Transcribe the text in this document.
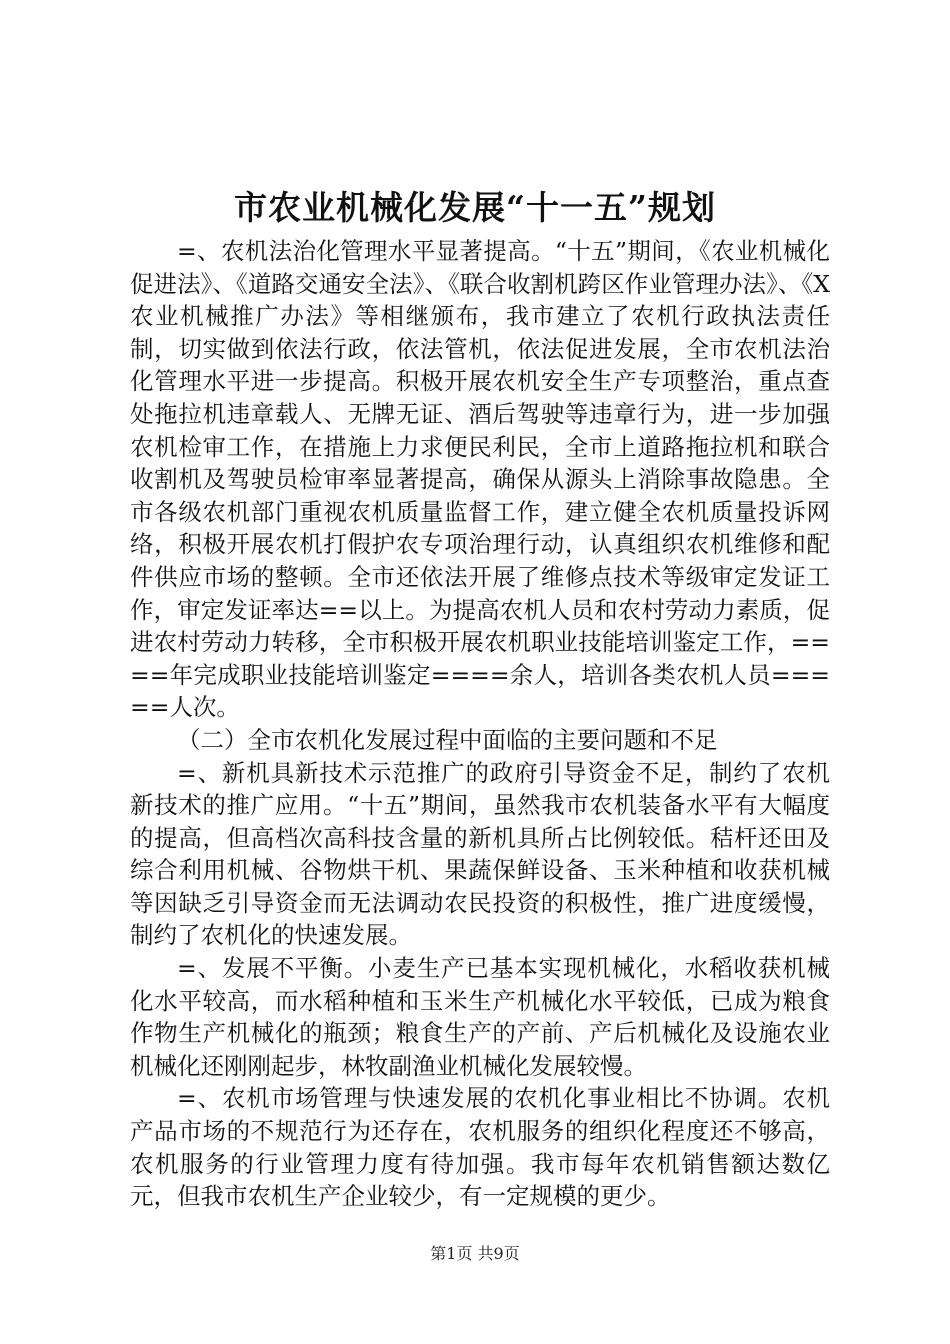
市农业机械化发展“十一五”规划

=、农机法治化管理水平显著提高。“十五”期间，《农业机械化促进法》、《道路交通安全法》、《联合收割机跨区作业管理办法》、《X农业机械推广办法》等相继颁布，我市建立了农机行政执法责任制，切实做到依法行政，依法管机，依法促进发展，全市农机法治化管理水平进一步提高。积极开展农机安全生产专项整治，重点查处拖拉机违章载人、无牌无证、酒后驾驶等违章行为，进一步加强农机检审工作，在措施上力求便民利民，全市上道路拖拉机和联合收割机及驾驶员检审率显著提高，确保从源头上消除事故隐患。全市各级农机部门重视农机质量监督工作，建立健全农机质量投诉网络，积极开展农机打假护农专项治理行动，认真组织农机维修和配件供应市场的整顿。全市还依法开展了维修点技术等级审定发证工作，审定发证率达==以上。为提高农机人员和农村劳动力素质，促进农村劳动力转移，全市积极开展农机职业技能培训鉴定工作，====年完成职业技能培训鉴定====余人，培训各类农机人员=====人次。

（二）全市农机化发展过程中面临的主要问题和不足

=、新机具新技术示范推广的政府引导资金不足，制约了农机新技术的推广应用。“十五”期间，虽然我市农机装备水平有大幅度的提高，但高档次高科技含量的新机具所占比例较低。秸杆还田及综合利用机械、谷物烘干机、果蔬保鲜设备、玉米种植和收获机械等因缺乏引导资金而无法调动农民投资的积极性，推广进度缓慢，制约了农机化的快速发展。

=、发展不平衡。小麦生产已基本实现机械化，水稻收获机械化水平较高，而水稻种植和玉米生产机械化水平较低，已成为粮食作物生产机械化的瓶颈；粮食生产的产前、产后机械化及设施农业机械化还刚刚起步，林牧副渔业机械化发展较慢。

=、农机市场管理与快速发展的农机化事业相比不协调。农机产品市场的不规范行为还存在，农机服务的组织化程度还不够高，农机服务的行业管理力度有待加强。我市每年农机销售额达数亿元，但我市农机生产企业较少，有一定规模的更少。

第1页 共9页
